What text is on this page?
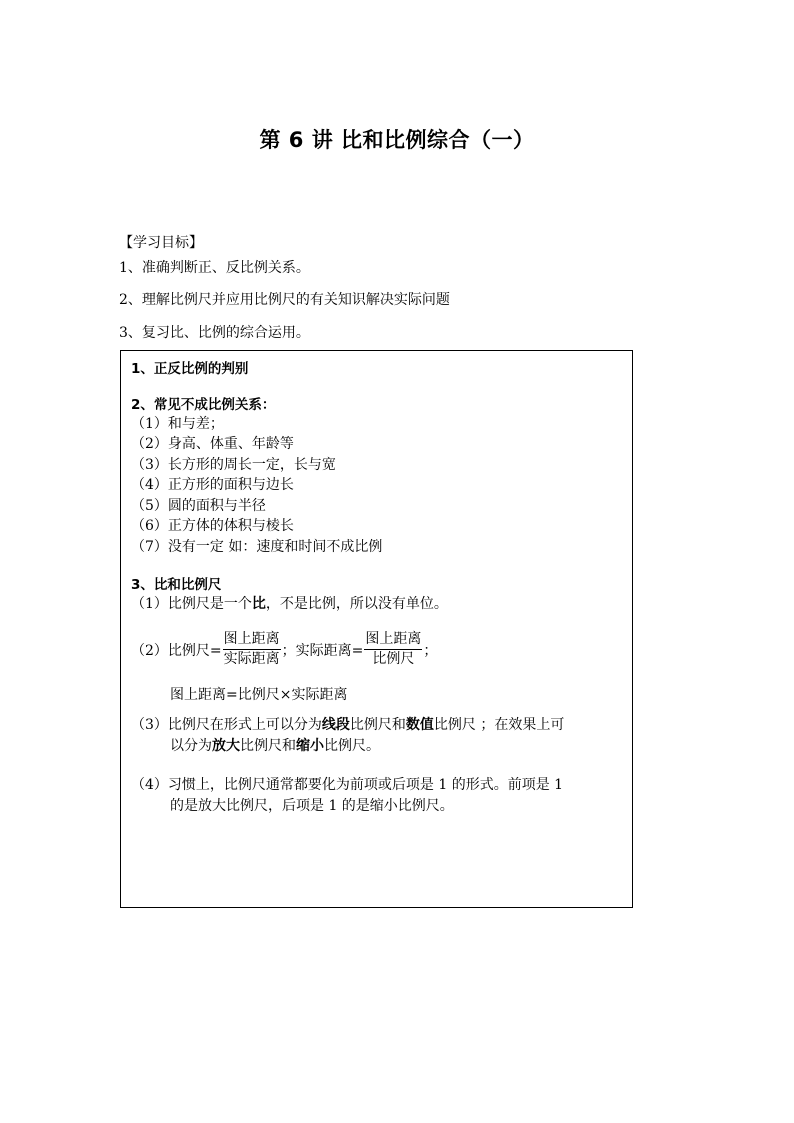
第 6 讲 比和比例综合（一）
【学习目标】
1、准确判断正、反比例关系。
2、理解比例尺并应用比例尺的有关知识解决实际问题
3、复习比、比例的综合运用。
1、正反比例的判别
2、常见不成比例关系：
（1）和与差；
（2）身高、体重、年龄等
（3）长方形的周长一定，长与宽
（4）正方形的面积与边长
（5）圆的面积与半径
（6）正方体的体积与棱长
（7）没有一定 如：速度和时间不成比例
3、比和比例尺
（1）比例尺是一个比，不是比例，所以没有单位。
（2）比例尺= $\frac{\text{图上距离}}{\text{实际距离}}$ ；实际距离= $\frac{\text{图上距离}}{\text{比例尺}}$ ；
图上距离=比例尺×实际距离
（3）比例尺在形式上可以分为线段比例尺和数值比例尺 ；在效果上可
以分为放大比例尺和缩小比例尺。
（4）习惯上，比例尺通常都要化为前项或后项是 1 的形式。前项是 1
的是放大比例尺，后项是 1 的是缩小比例尺。
